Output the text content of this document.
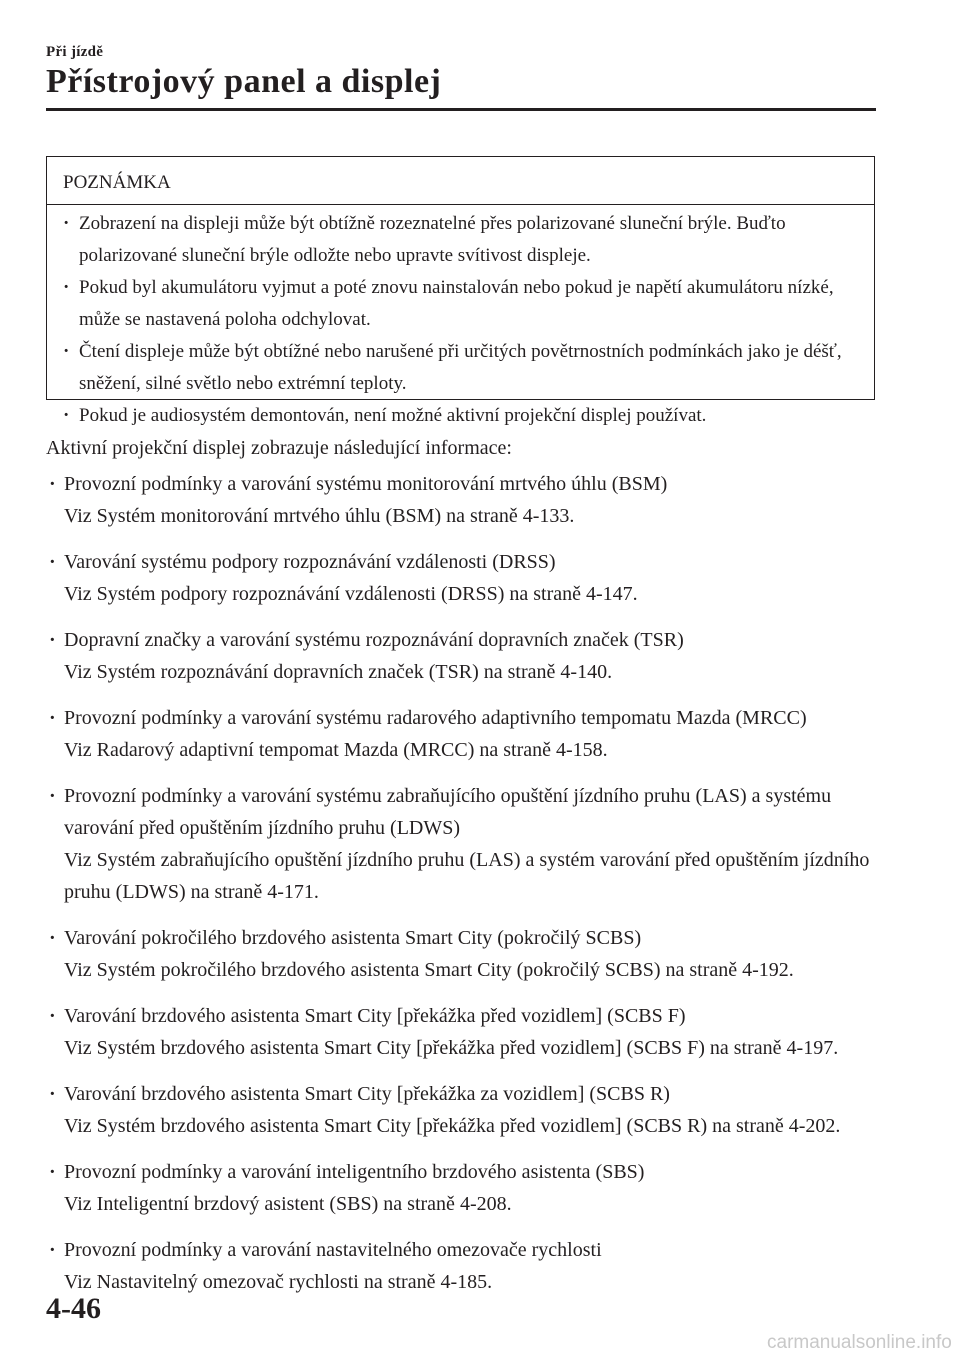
Při jízdě
Přístrojový panel a displej
POZNÁMKA
· Zobrazení na displeji může být obtížně rozeznatelné přes polarizované sluneční brýle. Buďto polarizované sluneční brýle odložte nebo upravte svítivost displeje.
· Pokud byl akumulátoru vyjmut a poté znovu nainstalován nebo pokud je napětí akumulátoru nízké, může se nastavená poloha odchylovat.
· Čtení displeje může být obtížné nebo narušené při určitých povětrnostních podmínkách jako je déšť, sněžení, silné světlo nebo extrémní teploty.
· Pokud je audiosystém demontován, není možné aktivní projekční displej používat.

Aktivní projekční displej zobrazuje následující informace:

· Provozní podmínky a varování systému monitorování mrtvého úhlu (BSM)
Viz Systém monitorování mrtvého úhlu (BSM) na straně 4-133.
· Varování systému podpory rozpoznávání vzdálenosti (DRSS)
Viz Systém podpory rozpoznávání vzdálenosti (DRSS) na straně 4-147.
· Dopravní značky a varování systému rozpoznávání dopravních značek (TSR)
Viz Systém rozpoznávání dopravních značek (TSR) na straně 4-140.
· Provozní podmínky a varování systému radarového adaptivního tempomatu Mazda (MRCC)
Viz Radarový adaptivní tempomat Mazda (MRCC) na straně 4-158.
· Provozní podmínky a varování systému zabraňujícího opuštění jízdního pruhu (LAS) a systému varování před opuštěním jízdního pruhu (LDWS)
Viz Systém zabraňujícího opuštění jízdního pruhu (LAS) a systém varování před opuštěním jízdního pruhu (LDWS) na straně 4-171.
· Varování pokročilého brzdového asistenta Smart City (pokročilý SCBS)
Viz Systém pokročilého brzdového asistenta Smart City (pokročilý SCBS) na straně 4-192.
· Varování brzdového asistenta Smart City [překážka před vozidlem] (SCBS F)
Viz Systém brzdového asistenta Smart City [překážka před vozidlem] (SCBS F) na straně 4-197.
· Varování brzdového asistenta Smart City [překážka za vozidlem] (SCBS R)
Viz Systém brzdového asistenta Smart City [překážka před vozidlem] (SCBS R) na straně 4-202.
· Provozní podmínky a varování inteligentního brzdového asistenta (SBS)
Viz Inteligentní brzdový asistent (SBS) na straně 4-208.
· Provozní podmínky a varování nastavitelného omezovače rychlosti
Viz Nastavitelný omezovač rychlosti na straně 4-185.
4-46
carmanualsonline.info
